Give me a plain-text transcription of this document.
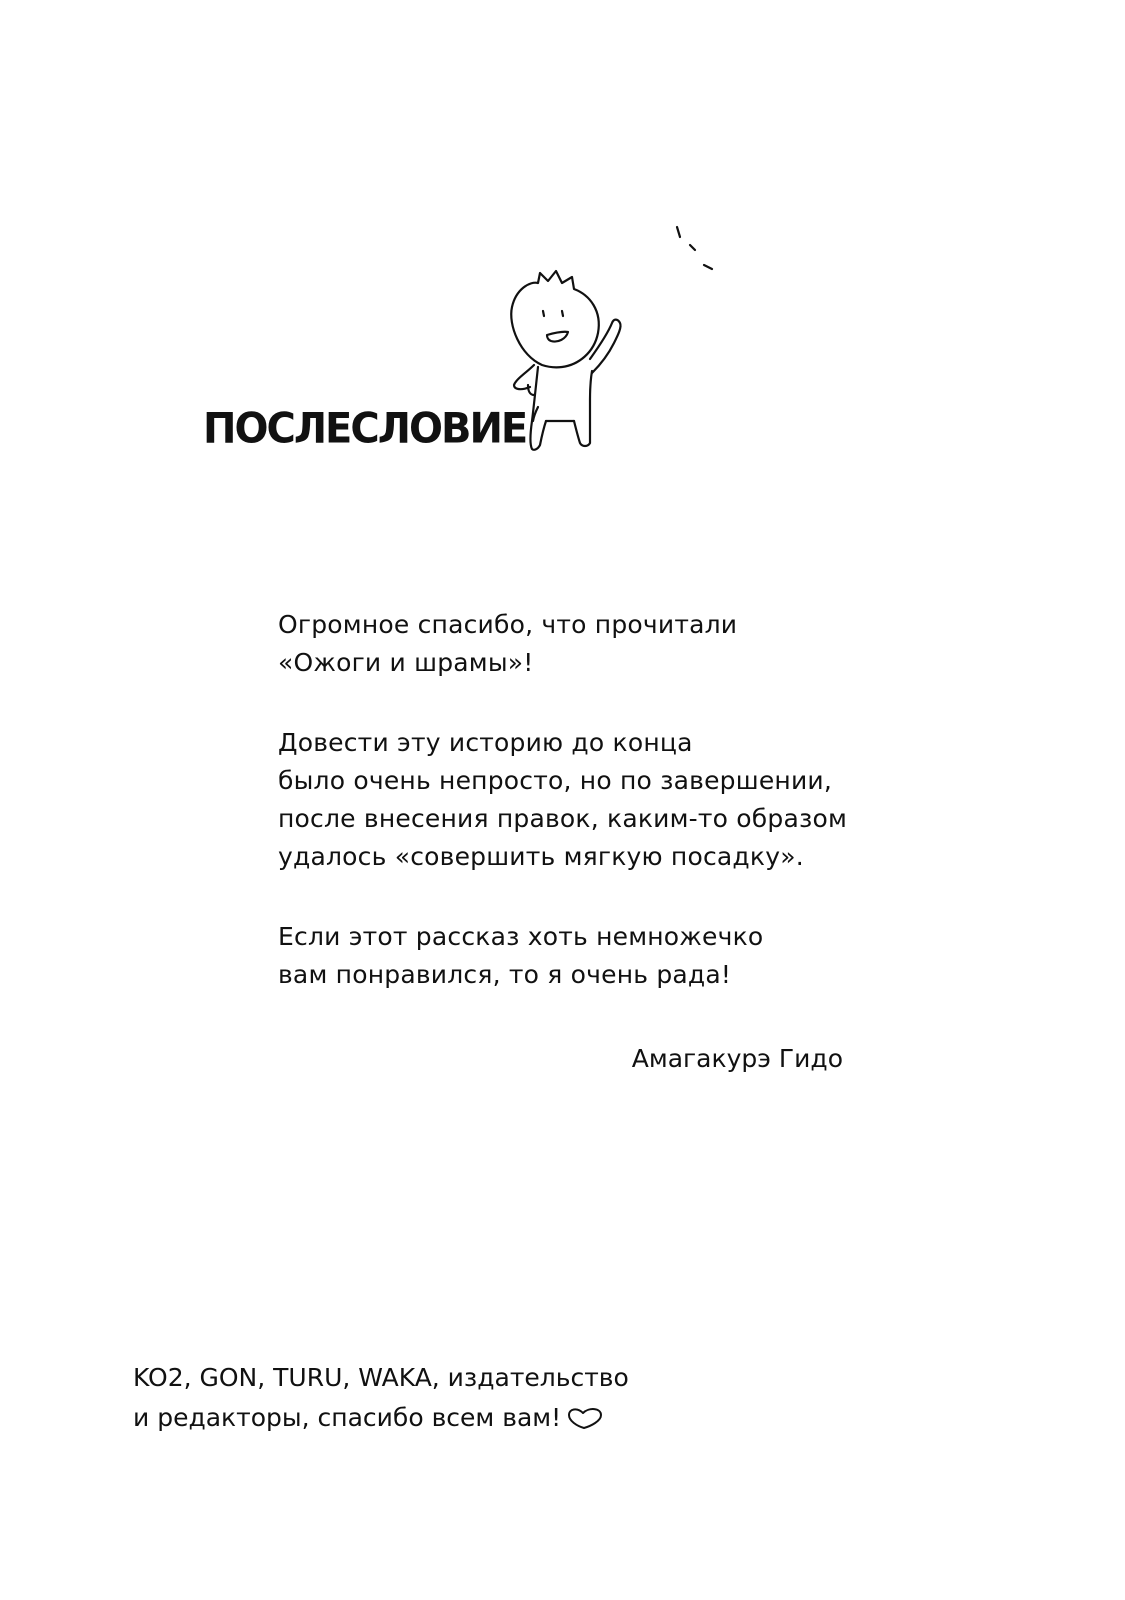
ПОСЛЕСЛОВИЕ

Огромное спасибо, что прочитали
«Ожоги и шрамы»!

Довести эту историю до конца
было очень непросто, но по завершении,
после внесения правок, каким-то образом
удалось «совершить мягкую посадку».

Если этот рассказ хоть немножечко
вам понравился, то я очень рада!

Амагакурэ Гидо
KO2, GON, TURU, WAKA, издательство
и редакторы, спасибо всем вам!
